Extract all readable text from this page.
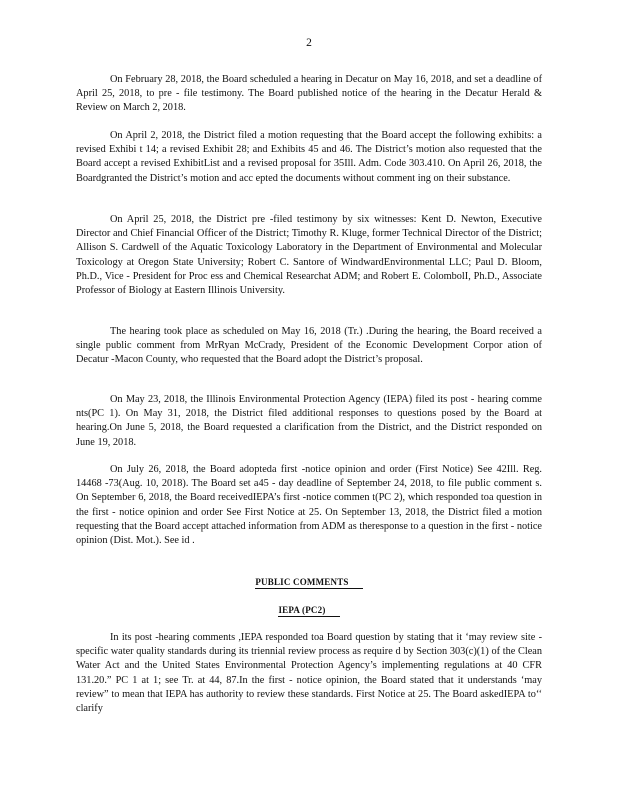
2

On February 28, 2018, the Board scheduled a hearing in Decatur on May 16, 2018, and set a deadline of April 25, 2018, to pre - file testimony. The Board published notice of the hearing in the Decatur Herald & Review on March 2, 2018.

On April 2, 2018, the District filed a motion requesting that the Board accept the following exhibits: a revised Exhibi t 14; a revised Exhibit 28; and Exhibits 45 and 46. The District’s motion also requested that the Board accept a revised ExhibitList and a revised proposal for 35Ill. Adm. Code 303.410. On April 26, 2018, the Boardgranted the District’s motion and acc epted the documents without comment ing on their substance.

On April 25, 2018, the District pre -filed testimony by six witnesses: Kent D. Newton, Executive Director and Chief Financial Officer of the District; Timothy R. Kluge, former Technical Director of the District; Allison S. Cardwell of the Aquatic Toxicology Laboratory in the Department of Environmental and Molecular Toxicology at Oregon State University; Robert C. Santore of WindwardEnvironmental LLC; Paul D. Bloom, Ph.D., Vice - President for Proc ess and Chemical Researchat ADM; and Robert E. ColombolI, Ph.D., Associate Professor of Biology at Eastern Illinois University.

The hearing took place as scheduled on May 16, 2018 (Tr.) .During the hearing, the Board received a single public comment from MrRyan McCrady, President of the Economic Development Corpor ation of Decatur -Macon County, who requested that the Board adopt the District’s proposal.

On May 23, 2018, the Illinois Environmental Protection Agency (IEPA) filed its post - hearing comme nts(PC 1). On May 31, 2018, the District filed additional responses to questions posed by the Board at hearing.On June 5, 2018, the Board requested a clarification from the District, and the District responded on June 19, 2018.

On July 26, 2018, the Board adopteda first -notice opinion and order (First Notice) See 42Ill. Reg. 14468 -73(Aug. 10, 2018). The Board set a45 - day deadline of September 24, 2018, to file public comment s. On September 6, 2018, the Board receivedIEPA’s first -notice commen t(PC 2), which responded toa question in the first - notice opinion and order See First Notice at 25. On September 13, 2018, the District filed a motion requesting that the Board accept attached information from ADM as theresponse to a question in the first - notice opinion (Dist. Mot.). See id .

PUBLIC COMMENTS
IEPA (PC2)

In its post -hearing comments ,IEPA responded toa Board question by stating that it ‘may review site -specific water quality standards during its triennial review process as require d by Section 303(c)(1) of the Clean Water Act and the United States Environmental Protection Agency’s implementing regulations at 40 CFR 131.20.” PC 1 at 1; see Tr. at 44, 87.In the first - notice opinion, the Board stated that it understands ‘may review” to mean that IEPA has authority to review these standards. First Notice at 25. The Board askedIEPA to‘‘ clarify
